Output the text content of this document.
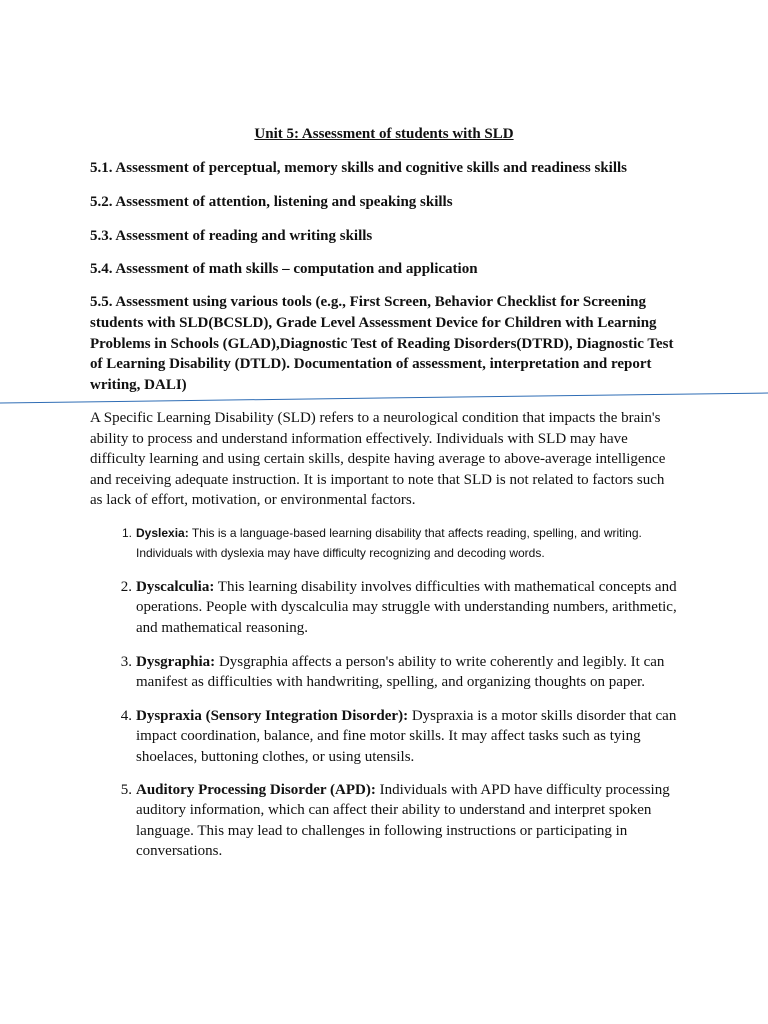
Unit 5: Assessment of students with SLD
5.1. Assessment of perceptual, memory skills and cognitive skills and readiness skills
5.2. Assessment of attention, listening and speaking skills
5.3. Assessment of reading and writing skills
5.4. Assessment of math skills – computation and application
5.5. Assessment using various tools (e.g., First Screen, Behavior Checklist for Screening students with SLD(BCSLD), Grade Level Assessment Device for Children with Learning Problems in Schools (GLAD),Diagnostic Test of Reading Disorders(DTRD), Diagnostic Test of Learning Disability (DTLD). Documentation of assessment, interpretation and report writing, DALI)
A Specific Learning Disability (SLD) refers to a neurological condition that impacts the brain's ability to process and understand information effectively. Individuals with SLD may have difficulty learning and using certain skills, despite having average to above-average intelligence and receiving adequate instruction. It is important to note that SLD is not related to factors such as lack of effort, motivation, or environmental factors.
1. Dyslexia: This is a language-based learning disability that affects reading, spelling, and writing. Individuals with dyslexia may have difficulty recognizing and decoding words.
2. Dyscalculia: This learning disability involves difficulties with mathematical concepts and operations. People with dyscalculia may struggle with understanding numbers, arithmetic, and mathematical reasoning.
3. Dysgraphia: Dysgraphia affects a person's ability to write coherently and legibly. It can manifest as difficulties with handwriting, spelling, and organizing thoughts on paper.
4. Dyspraxia (Sensory Integration Disorder): Dyspraxia is a motor skills disorder that can impact coordination, balance, and fine motor skills. It may affect tasks such as tying shoelaces, buttoning clothes, or using utensils.
5. Auditory Processing Disorder (APD): Individuals with APD have difficulty processing auditory information, which can affect their ability to understand and interpret spoken language. This may lead to challenges in following instructions or participating in conversations.
